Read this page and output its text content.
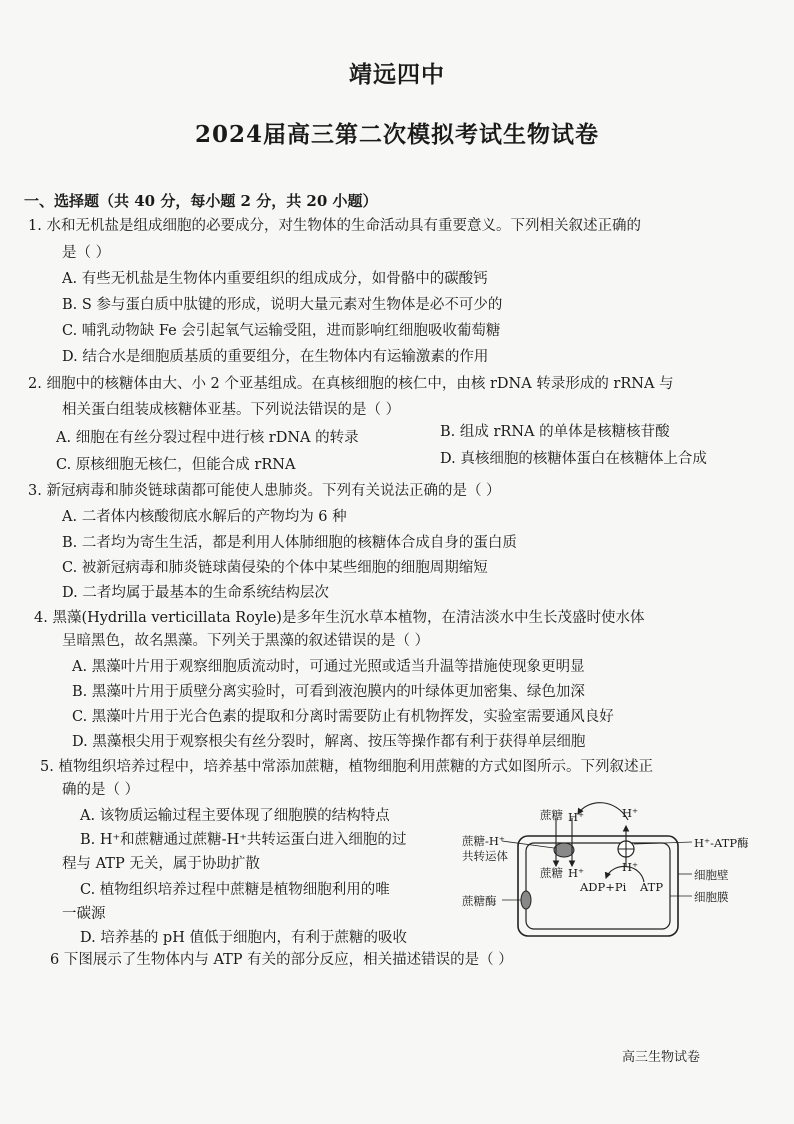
靖远四中
2024届高三第二次模拟考试生物试卷
一、选择题（共 40 分，每小题 2 分，共 20 小题）
1. 水和无机盐是组成细胞的必要成分，对生物体的生命活动具有重要意义。下列相关叙述正确的
是（ ）
A. 有些无机盐是生物体内重要组织的组成成分，如骨骼中的碳酸钙
B. S 参与蛋白质中肽键的形成，说明大量元素对生物体是必不可少的
C. 哺乳动物缺 Fe 会引起氧气运输受阻，进而影响红细胞吸收葡萄糖
D. 结合水是细胞质基质的重要组分，在生物体内有运输激素的作用
2. 细胞中的核糖体由大、小 2 个亚基组成。在真核细胞的核仁中，由核 rDNA 转录形成的 rRNA 与
相关蛋白组装成核糖体亚基。下列说法错误的是（ ）
A. 细胞在有丝分裂过程中进行核 rDNA 的转录	B. 组成 rRNA 的单体是核糖核苷酸
C. 原核细胞无核仁，但能合成 rRNA	D. 真核细胞的核糖体蛋白在核糖体上合成
3. 新冠病毒和肺炎链球菌都可能使人患肺炎。下列有关说法正确的是（ ）
A. 二者体内核酸彻底水解后的产物均为 6 种
B. 二者均为寄生生活，都是利用人体肺细胞的核糖体合成自身的蛋白质
C. 被新冠病毒和肺炎链球菌侵染的个体中某些细胞的细胞周期缩短
D. 二者均属于最基本的生命系统结构层次
4. 黑藻(Hydrilla verticillata Royle)是多年生沉水草本植物，在清洁淡水中生长茂盛时使水体
呈暗黑色，故名黑藻。下列关于黑藻的叙述错误的是（ ）
A. 黑藻叶片用于观察细胞质流动时，可通过光照或适当升温等措施使现象更明显
B. 黑藻叶片用于质壁分离实验时，可看到液泡膜内的叶绿体更加密集、绿色加深
C. 黑藻叶片用于光合色素的提取和分离时需要防止有机物挥发，实验室需要通风良好
D. 黑藻根尖用于观察根尖有丝分裂时，解离、按压等操作都有利于获得单层细胞
5. 植物组织培养过程中，培养基中常添加蔗糖，植物细胞利用蔗糖的方式如图所示。下列叙述正
确的是（ ）
A. 该物质运输过程主要体现了细胞膜的结构特点
B. H⁺和蔗糖通过蔗糖-H⁺共转运蛋白进入细胞的过
程与 ATP 无关，属于协助扩散
C. 植物组织培养过程中蔗糖是植物细胞利用的唯
一碳源
D. 培养基的 pH 值低于细胞内，有利于蔗糖的吸收
6 下图展示了生物体内与 ATP 有关的部分反应，相关描述错误的是（ ）
蔗糖 H⁺	H⁺
蔗糖-H⁺
共转运体
H⁺-ATP酶
蔗糖 H⁺	H⁺
ADP+Pi ATP
细胞壁
细胞膜
蔗糖酶
高三生物试卷
